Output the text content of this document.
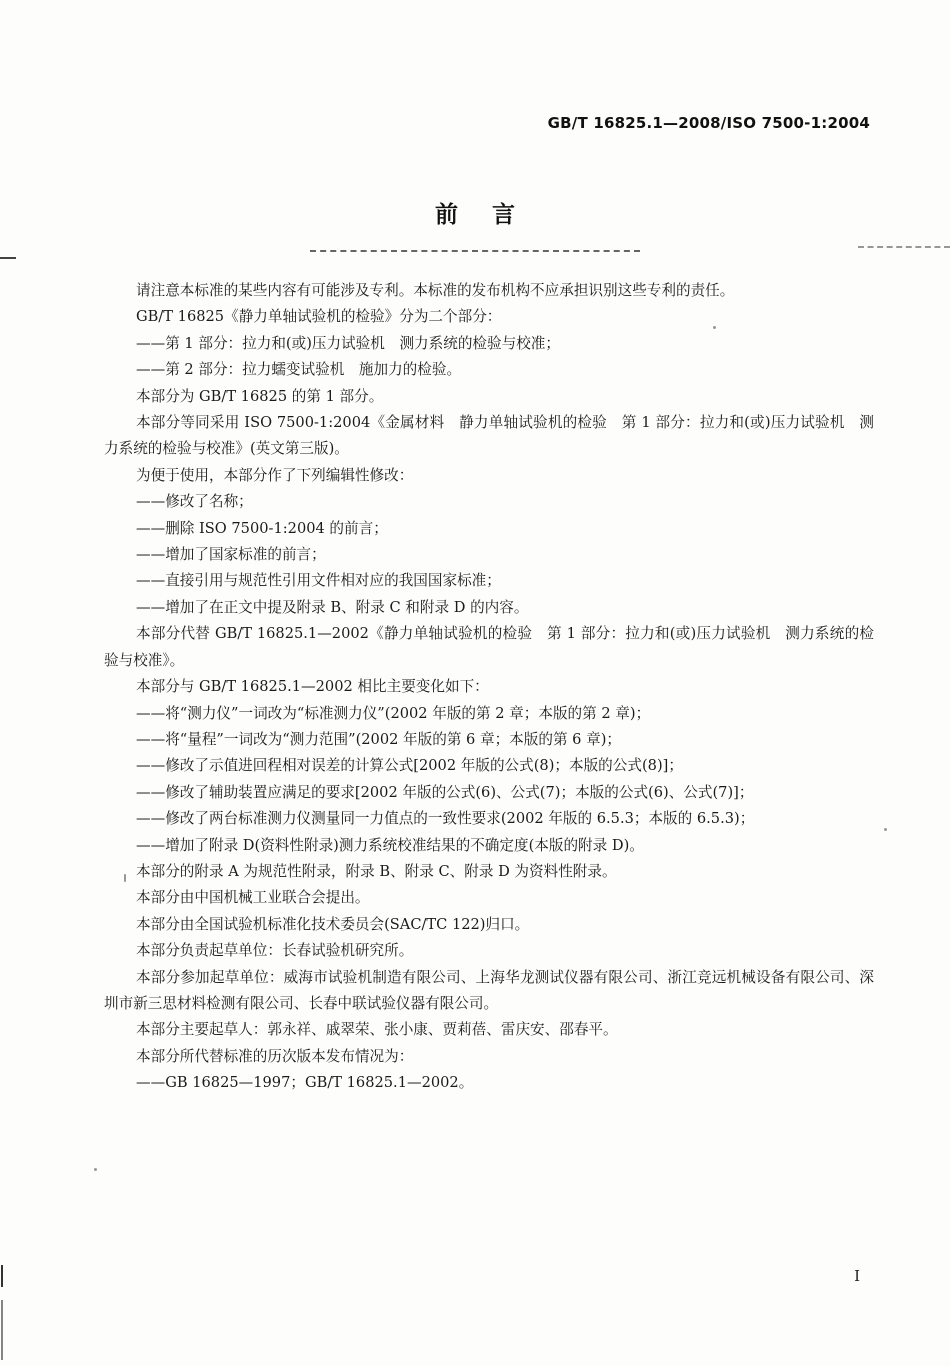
GB/T 16825.1—2008/ISO 7500-1:2004
前言

请注意本标准的某些内容有可能涉及专利。本标准的发布机构不应承担识别这些专利的责任。

GB/T 16825《静力单轴试验机的检验》分为二个部分：

——第 1 部分：拉力和(或)压力试验机　测力系统的检验与校准；

——第 2 部分：拉力蠕变试验机　施加力的检验。

本部分为 GB/T 16825 的第 1 部分。

本部分等同采用 ISO 7500-1:2004《金属材料　静力单轴试验机的检验　第 1 部分：拉力和(或)压力试验机　测力系统的检验与校准》(英文第三版)。

为便于使用，本部分作了下列编辑性修改：

——修改了名称；

——删除 ISO 7500-1:2004 的前言；

——增加了国家标准的前言；

——直接引用与规范性引用文件相对应的我国国家标准；

——增加了在正文中提及附录 B、附录 C 和附录 D 的内容。

本部分代替 GB/T 16825.1—2002《静力单轴试验机的检验　第 1 部分：拉力和(或)压力试验机　测力系统的检验与校准》。

本部分与 GB/T 16825.1—2002 相比主要变化如下：

——将“测力仪”一词改为“标准测力仪”(2002 年版的第 2 章；本版的第 2 章)；

——将“量程”一词改为“测力范围”(2002 年版的第 6 章；本版的第 6 章)；

——修改了示值进回程相对误差的计算公式[2002 年版的公式(8)；本版的公式(8)]；

——修改了辅助装置应满足的要求[2002 年版的公式(6)、公式(7)；本版的公式(6)、公式(7)]；

——修改了两台标准测力仪测量同一力值点的一致性要求(2002 年版的 6.5.3；本版的 6.5.3)；

——增加了附录 D(资料性附录)测力系统校准结果的不确定度(本版的附录 D)。

本部分的附录 A 为规范性附录，附录 B、附录 C、附录 D 为资料性附录。

本部分由中国机械工业联合会提出。

本部分由全国试验机标准化技术委员会(SAC/TC 122)归口。

本部分负责起草单位：长春试验机研究所。

本部分参加起草单位：威海市试验机制造有限公司、上海华龙测试仪器有限公司、浙江竞远机械设备有限公司、深圳市新三思材料检测有限公司、长春中联试验仪器有限公司。

本部分主要起草人：郭永祥、戚翠荣、张小康、贾莉蓓、雷庆安、邵春平。

本部分所代替标准的历次版本发布情况为：

——GB 16825—1997；GB/T 16825.1—2002。

I
